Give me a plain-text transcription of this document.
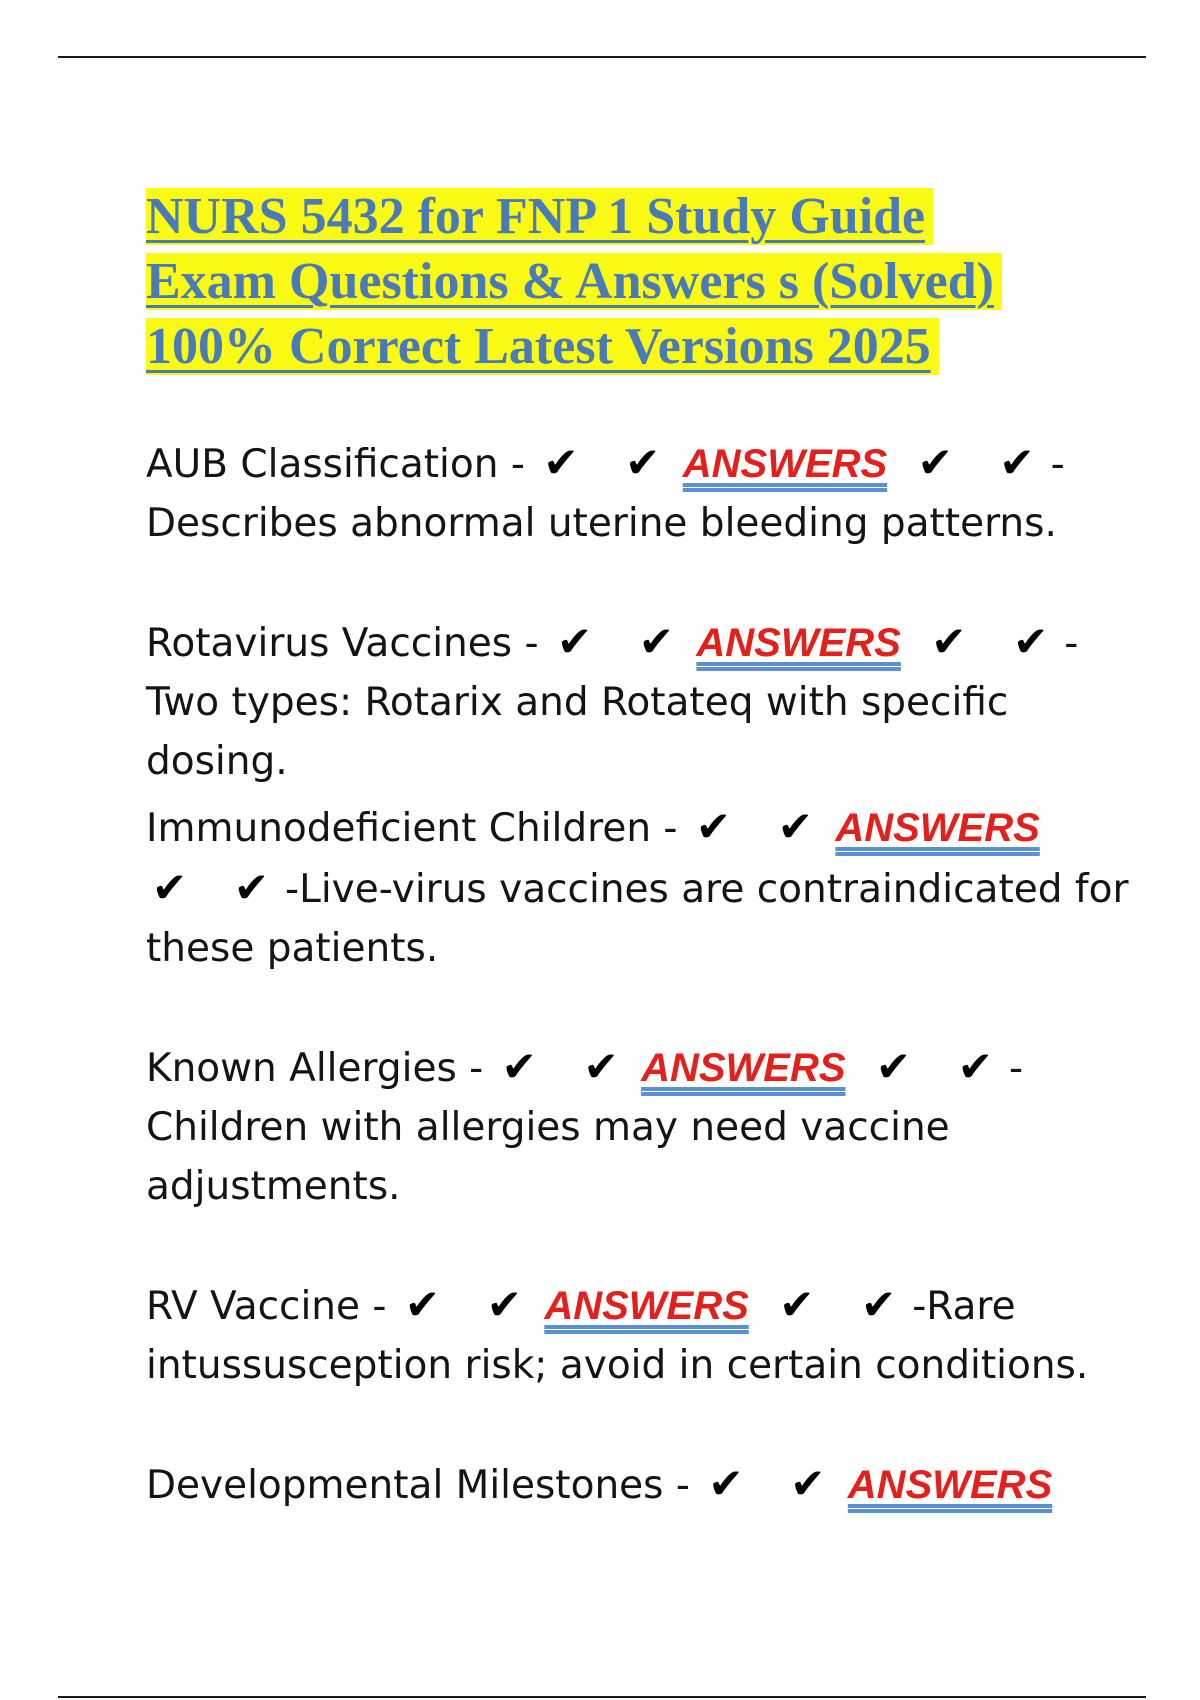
NURS 5432 for FNP 1 Study Guide
Exam Questions & Answers s (Solved)
100% Correct Latest Versions 2025

AUB Classification - ✔ ✔ ANSWERS ✔ ✔-Describes abnormal uterine bleeding patterns.

Rotavirus Vaccines - ✔ ✔ ANSWERS ✔ ✔-Two types: Rotarix and Rotateq with specific dosing.

Immunodeficient Children - ✔ ✔ ANSWERS ✔ ✔-Live-virus vaccines are contraindicated for these patients.

Known Allergies - ✔ ✔ ANSWERS ✔ ✔-Children with allergies may need vaccine adjustments.

RV Vaccine - ✔ ✔ ANSWERS ✔ ✔-Rare intussusception risk; avoid in certain conditions.

Developmental Milestones - ✔ ✔ ANSWERS
